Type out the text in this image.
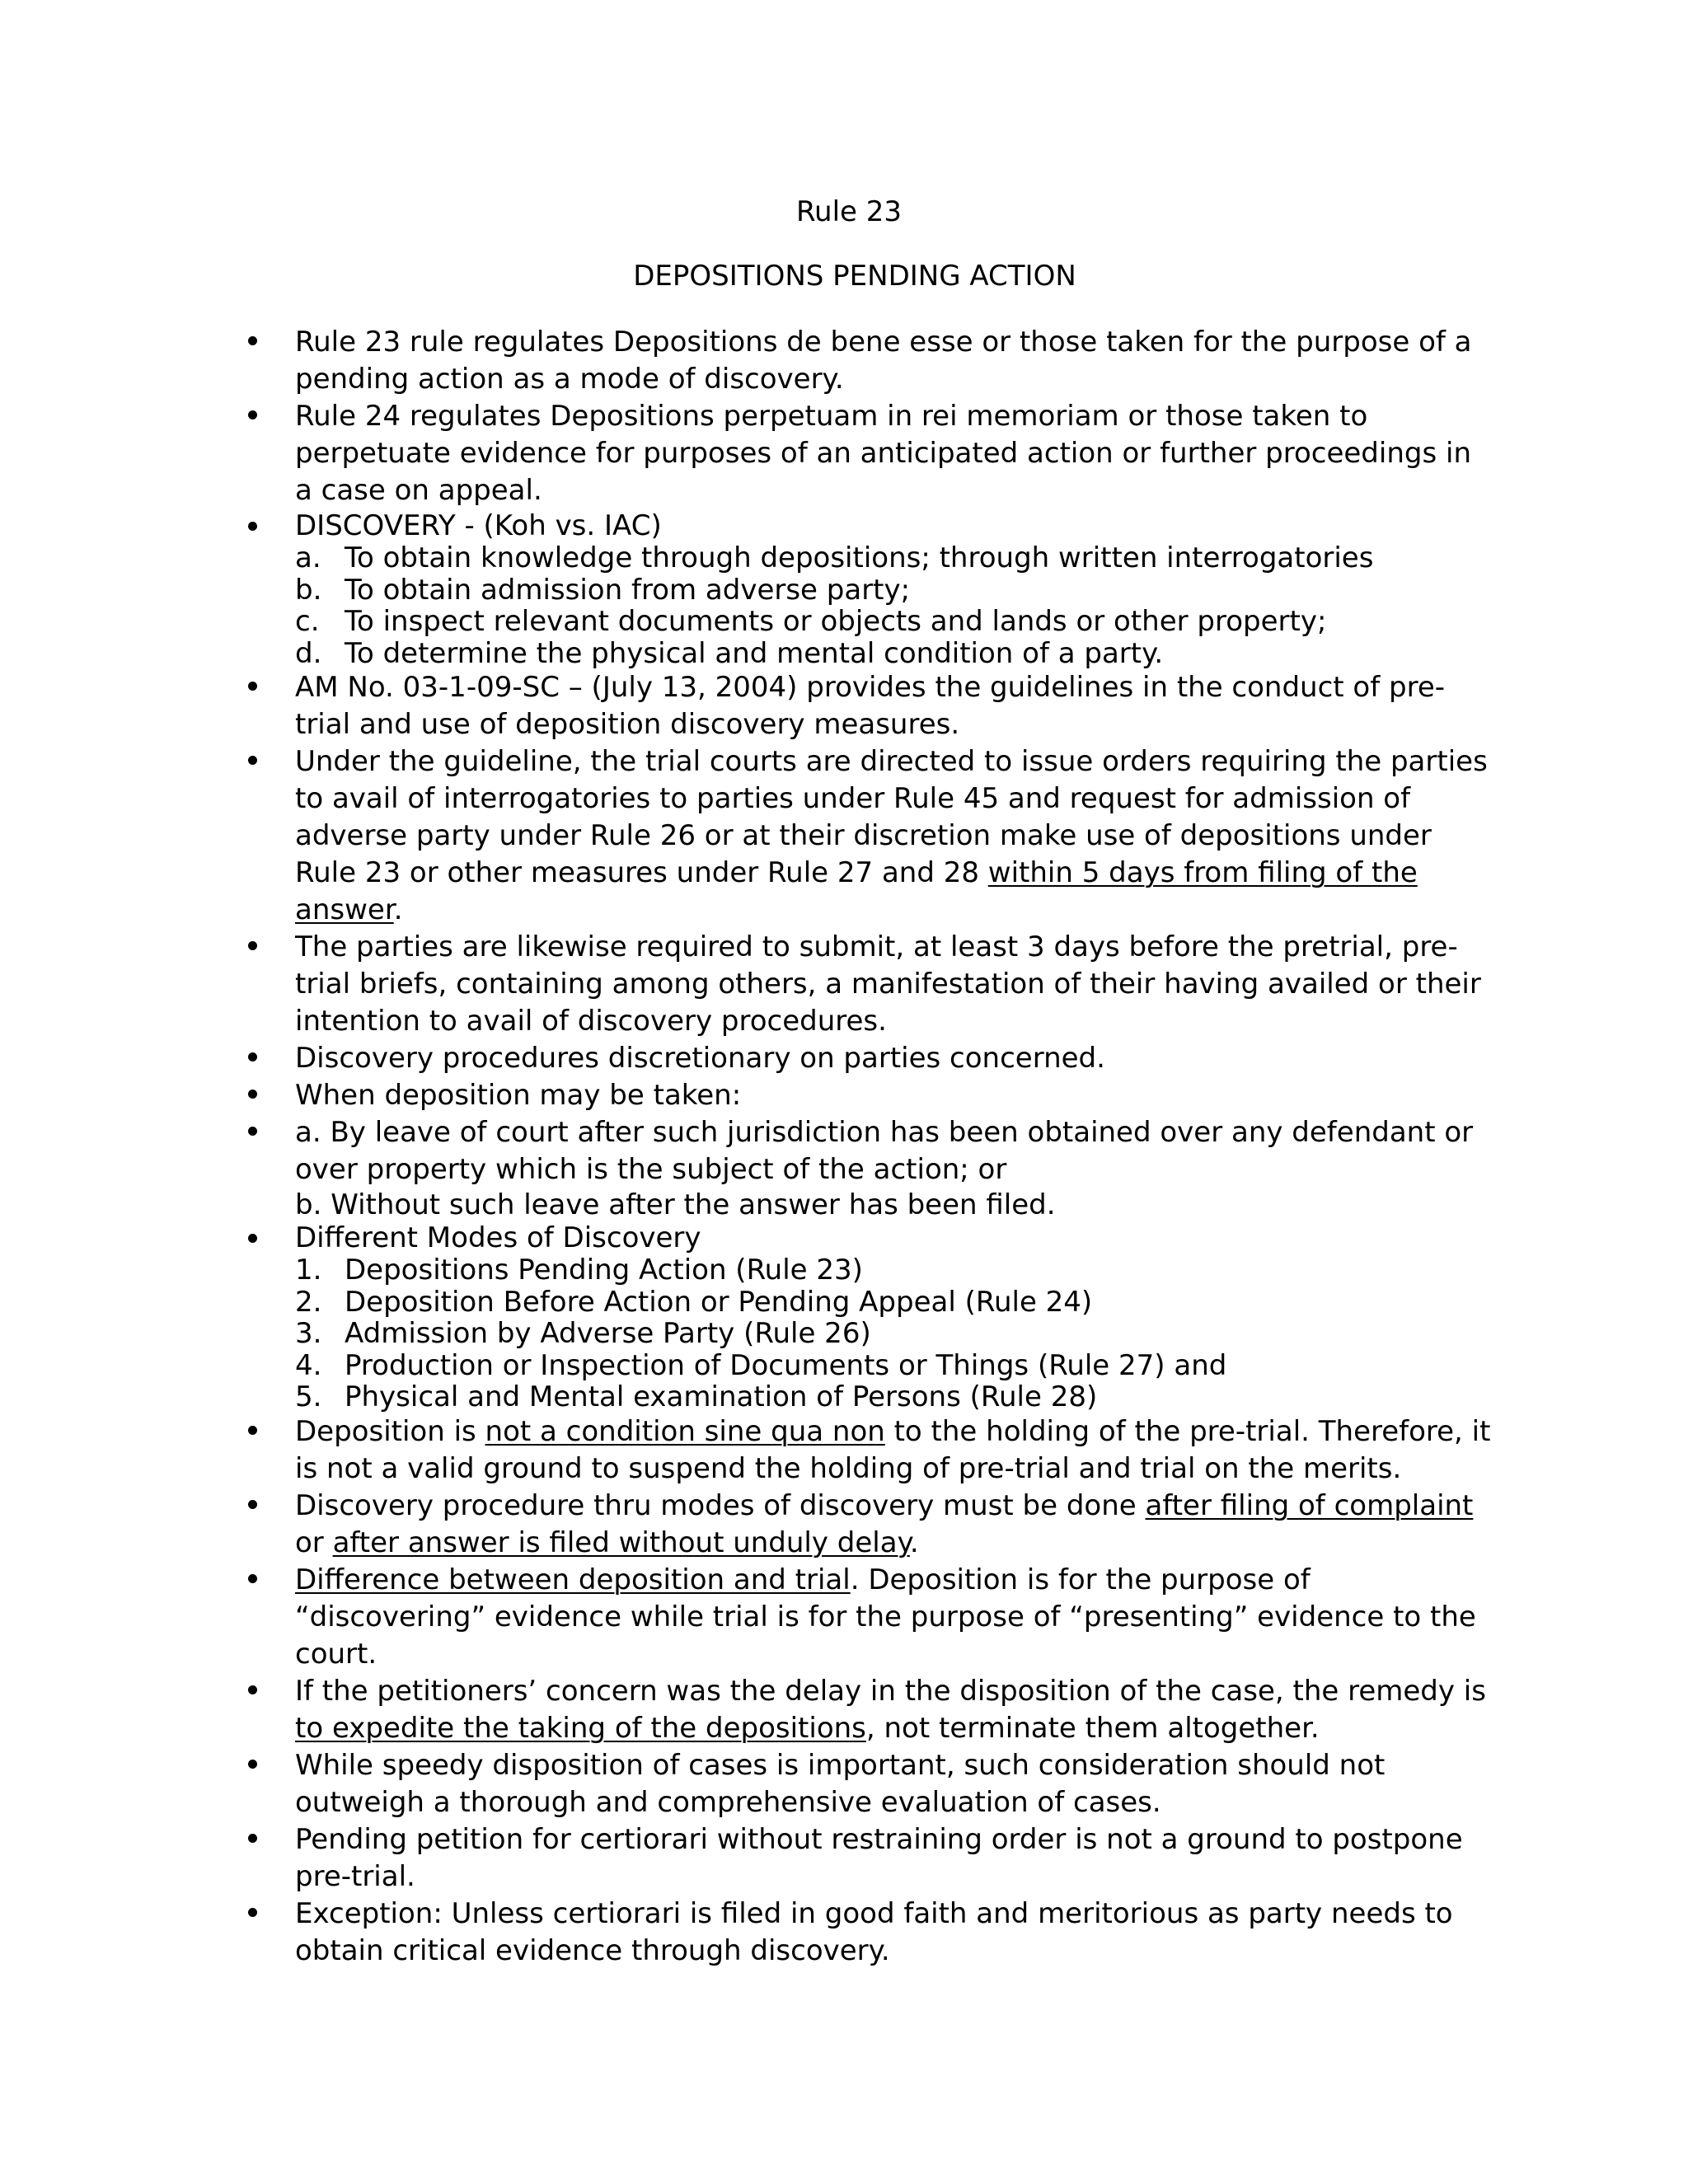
Rule 23
DEPOSITIONS PENDING ACTION
Rule 23 rule regulates Depositions de bene esse or those taken for the purpose of a pending action as a mode of discovery.
Rule 24 regulates Depositions perpetuam in rei memoriam or those taken to perpetuate evidence for purposes of an anticipated action or further proceedings in a case on appeal.
DISCOVERY - (Koh vs. IAC)
a. To obtain knowledge through depositions; through written interrogatories
b. To obtain admission from adverse party;
c. To inspect relevant documents or objects and lands or other property;
d. To determine the physical and mental condition of a party.
AM No. 03-1-09-SC – (July 13, 2004) provides the guidelines in the conduct of pre-trial and use of deposition discovery measures.
Under the guideline, the trial courts are directed to issue orders requiring the parties to avail of interrogatories to parties under Rule 45 and request for admission of adverse party under Rule 26 or at their discretion make use of depositions under Rule 23 or other measures under Rule 27 and 28 within 5 days from filing of the answer.
The parties are likewise required to submit, at least 3 days before the pretrial, pre-trial briefs, containing among others, a manifestation of their having availed or their intention to avail of discovery procedures.
Discovery procedures discretionary on parties concerned.
When deposition may be taken:
a. By leave of court after such jurisdiction has been obtained over any defendant or over property which is the subject of the action; or
b. Without such leave after the answer has been filed.
Different Modes of Discovery
1. Depositions Pending Action (Rule 23)
2. Deposition Before Action or Pending Appeal (Rule 24)
3. Admission by Adverse Party (Rule 26)
4. Production or Inspection of Documents or Things (Rule 27) and
5. Physical and Mental examination of Persons (Rule 28)
Deposition is not a condition sine qua non to the holding of the pre-trial. Therefore, it is not a valid ground to suspend the holding of pre-trial and trial on the merits.
Discovery procedure thru modes of discovery must be done after filing of complaint or after answer is filed without unduly delay.
Difference between deposition and trial. Deposition is for the purpose of “discovering” evidence while trial is for the purpose of “presenting” evidence to the court.
If the petitioners’ concern was the delay in the disposition of the case, the remedy is to expedite the taking of the depositions, not terminate them altogether.
While speedy disposition of cases is important, such consideration should not outweigh a thorough and comprehensive evaluation of cases.
Pending petition for certiorari without restraining order is not a ground to postpone pre-trial.
Exception: Unless certiorari is filed in good faith and meritorious as party needs to obtain critical evidence through discovery.
